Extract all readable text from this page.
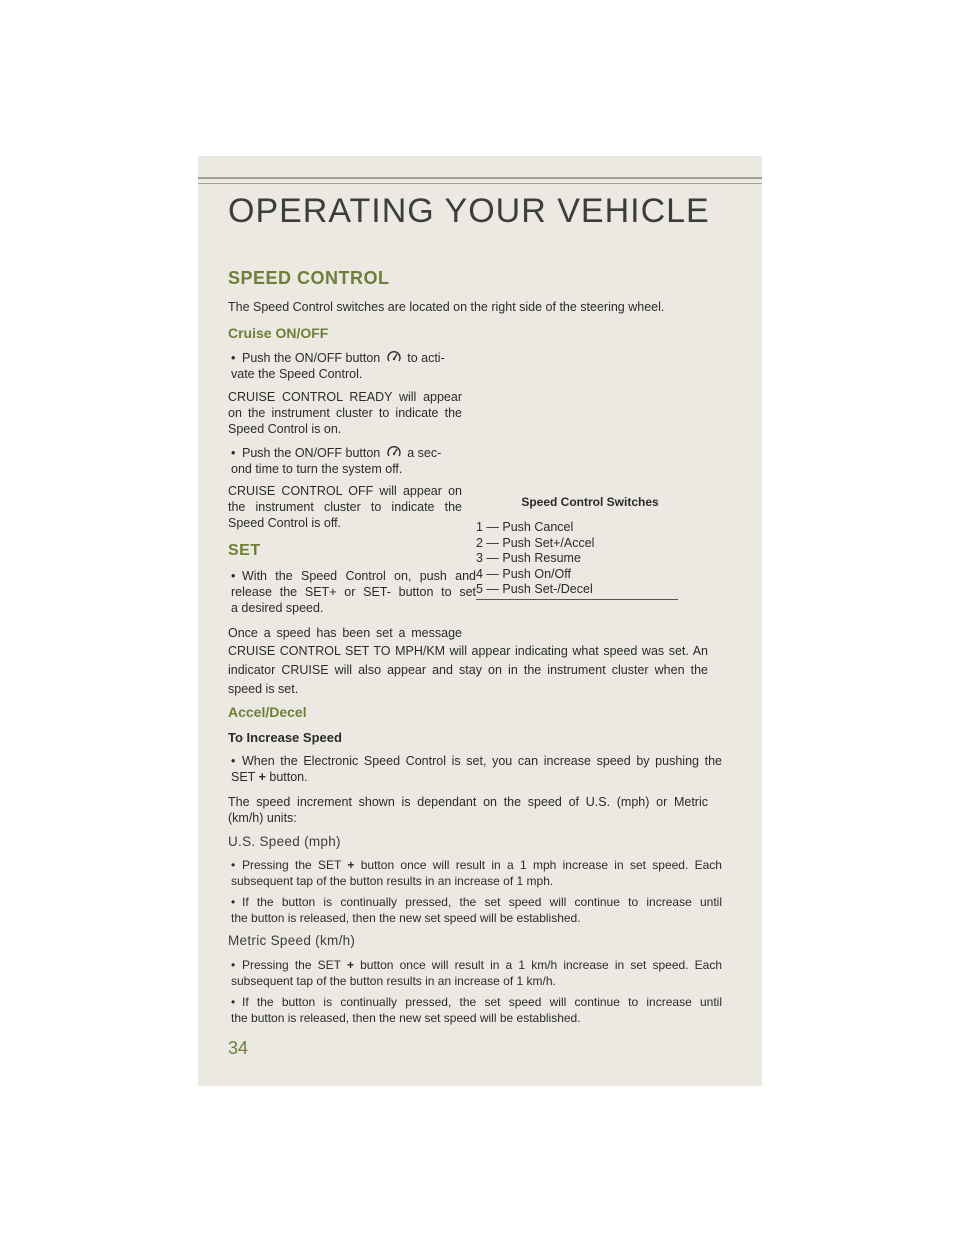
OPERATING YOUR VEHICLE
SPEED CONTROL

The Speed Control switches are located on the right side of the steering wheel.

Cruise ON/OFF
• Push the ON/OFF button to acti-
vate the Speed Control.
CRUISE CONTROL READY will appear
on the instrument cluster to indicate the
Speed Control is on.
• Push the ON/OFF button a sec-
ond time to turn the system off.
CRUISE CONTROL OFF will appear on
the instrument cluster to indicate the
Speed Control is off.
SET
• With the Speed Control on, push and
release the SET+ or SET- button to set
a desired speed.
Once a speed has been set a message
CRUISE CONTROL SET TO MPH/KM will appear indicating what speed was set. An
indicator CRUISE will also appear and stay on in the instrument cluster when the
speed is set.
Speed Control Switches
1 — Push Cancel
2 — Push Set+/Accel
3 — Push Resume
4 — Push On/Off
5 — Push Set-/Decel
Accel/Decel
To Increase Speed
• When the Electronic Speed Control is set, you can increase speed by pushing the
SET + button.
The speed increment shown is dependant on the speed of U.S. (mph) or Metric
(km/h) units:
U.S. Speed (mph)
• Pressing the SET + button once will result in a 1 mph increase in set speed. Each
subsequent tap of the button results in an increase of 1 mph.
• If the button is continually pressed, the set speed will continue to increase until
the button is released, then the new set speed will be established.
Metric Speed (km/h)
• Pressing the SET + button once will result in a 1 km/h increase in set speed. Each
subsequent tap of the button results in an increase of 1 km/h.
• If the button is continually pressed, the set speed will continue to increase until
the button is released, then the new set speed will be established.
34
